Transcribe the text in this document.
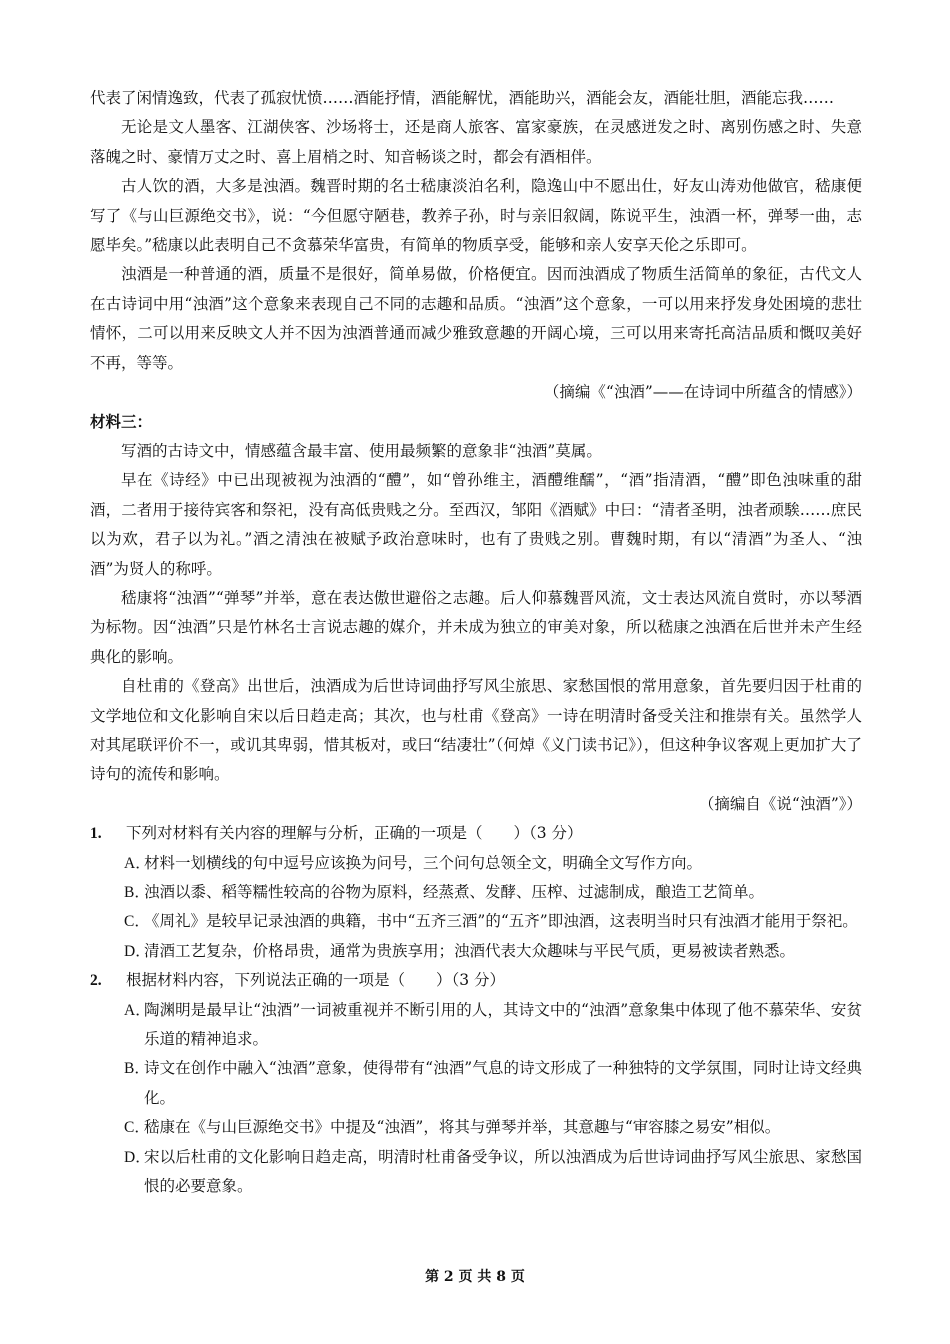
代表了闲情逸致，代表了孤寂忧愤……酒能抒情，酒能解忧，酒能助兴，酒能会友，酒能壮胆，酒能忘我……

无论是文人墨客、江湖侠客、沙场将士，还是商人旅客、富家豪族，在灵感迸发之时、离别伤感之时、失意落魄之时、豪情万丈之时、喜上眉梢之时、知音畅谈之时，都会有酒相伴。

古人饮的酒，大多是浊酒。魏晋时期的名士嵇康淡泊名利，隐逸山中不愿出仕，好友山涛劝他做官，嵇康便写了《与山巨源绝交书》，说：“今但愿守陋巷，教养子孙，时与亲旧叙阔，陈说平生，浊酒一杯，弹琴一曲，志愿毕矣。”嵇康以此表明自己不贪慕荣华富贵，有简单的物质享受，能够和亲人安享天伦之乐即可。

浊酒是一种普通的酒，质量不是很好，简单易做，价格便宜。因而浊酒成了物质生活简单的象征，古代文人在古诗词中用“浊酒”这个意象来表现自己不同的志趣和品质。“浊酒”这个意象，一可以用来抒发身处困境的悲壮情怀，二可以用来反映文人并不因为浊酒普通而减少雅致意趣的开阔心境，三可以用来寄托高洁品质和慨叹美好不再，等等。

（摘编《“浊酒”——在诗词中所蕴含的情感》）

材料三：

写酒的古诗文中，情感蕴含最丰富、使用最频繁的意象非“浊酒”莫属。

早在《诗经》中已出现被视为浊酒的“醴”，如“曾孙维主，酒醴维醹”，“酒”指清酒，“醴”即色浊味重的甜酒，二者用于接待宾客和祭祀，没有高低贵贱之分。至西汉，邹阳《酒赋》中曰：“清者圣明，浊者顽騃……庶民以为欢，君子以为礼。”酒之清浊在被赋予政治意味时，也有了贵贱之别。曹魏时期，有以“清酒”为圣人、“浊酒”为贤人的称呼。

嵇康将“浊酒”“弹琴”并举，意在表达傲世避俗之志趣。后人仰慕魏晋风流，文士表达风流自赏时，亦以琴酒为标物。因“浊酒”只是竹林名士言说志趣的媒介，并未成为独立的审美对象，所以嵇康之浊酒在后世并未产生经典化的影响。

自杜甫的《登高》出世后，浊酒成为后世诗词曲抒写风尘旅思、家愁国恨的常用意象，首先要归因于杜甫的文学地位和文化影响自宋以后日趋走高；其次，也与杜甫《登高》一诗在明清时备受关注和推崇有关。虽然学人对其尾联评价不一，或讥其卑弱，惜其板对，或曰“结凄壮”（何焯《义门读书记》），但这种争议客观上更加扩大了诗句的流传和影响。

（摘编自《说“浊酒”》）

1.	下列对材料有关内容的理解与分析，正确的一项是（　　）（3 分）
A．
材料一划横线的句中逗号应该换为问号，三个问句总领全文，明确全文写作方向。
B．
浊酒以黍、稻等糯性较高的谷物为原料，经蒸煮、发酵、压榨、过滤制成，酿造工艺简单。
C．
《周礼》是较早记录浊酒的典籍，书中“五齐三酒”的“五齐”即浊酒，这表明当时只有浊酒才能用于祭祀。
D．
清酒工艺复杂，价格昂贵，通常为贵族享用；浊酒代表大众趣味与平民气质，更易被读者熟悉。
2.	根据材料内容，下列说法正确的一项是（　　）（3 分）
A．
陶渊明是最早让“浊酒”一词被重视并不断引用的人，其诗文中的“浊酒”意象集中体现了他不慕荣华、安贫乐道的精神追求。
B．
诗文在创作中融入“浊酒”意象，使得带有“浊酒”气息的诗文形成了一种独特的文学氛围，同时让诗文经典化。
C．
嵇康在《与山巨源绝交书》中提及“浊酒”，将其与弹琴并举，其意趣与“审容膝之易安”相似。
D．
宋以后杜甫的文化影响日趋走高，明清时杜甫备受争议，所以浊酒成为后世诗词曲抒写风尘旅思、家愁国恨的必要意象。
第 2 页 共 8 页
